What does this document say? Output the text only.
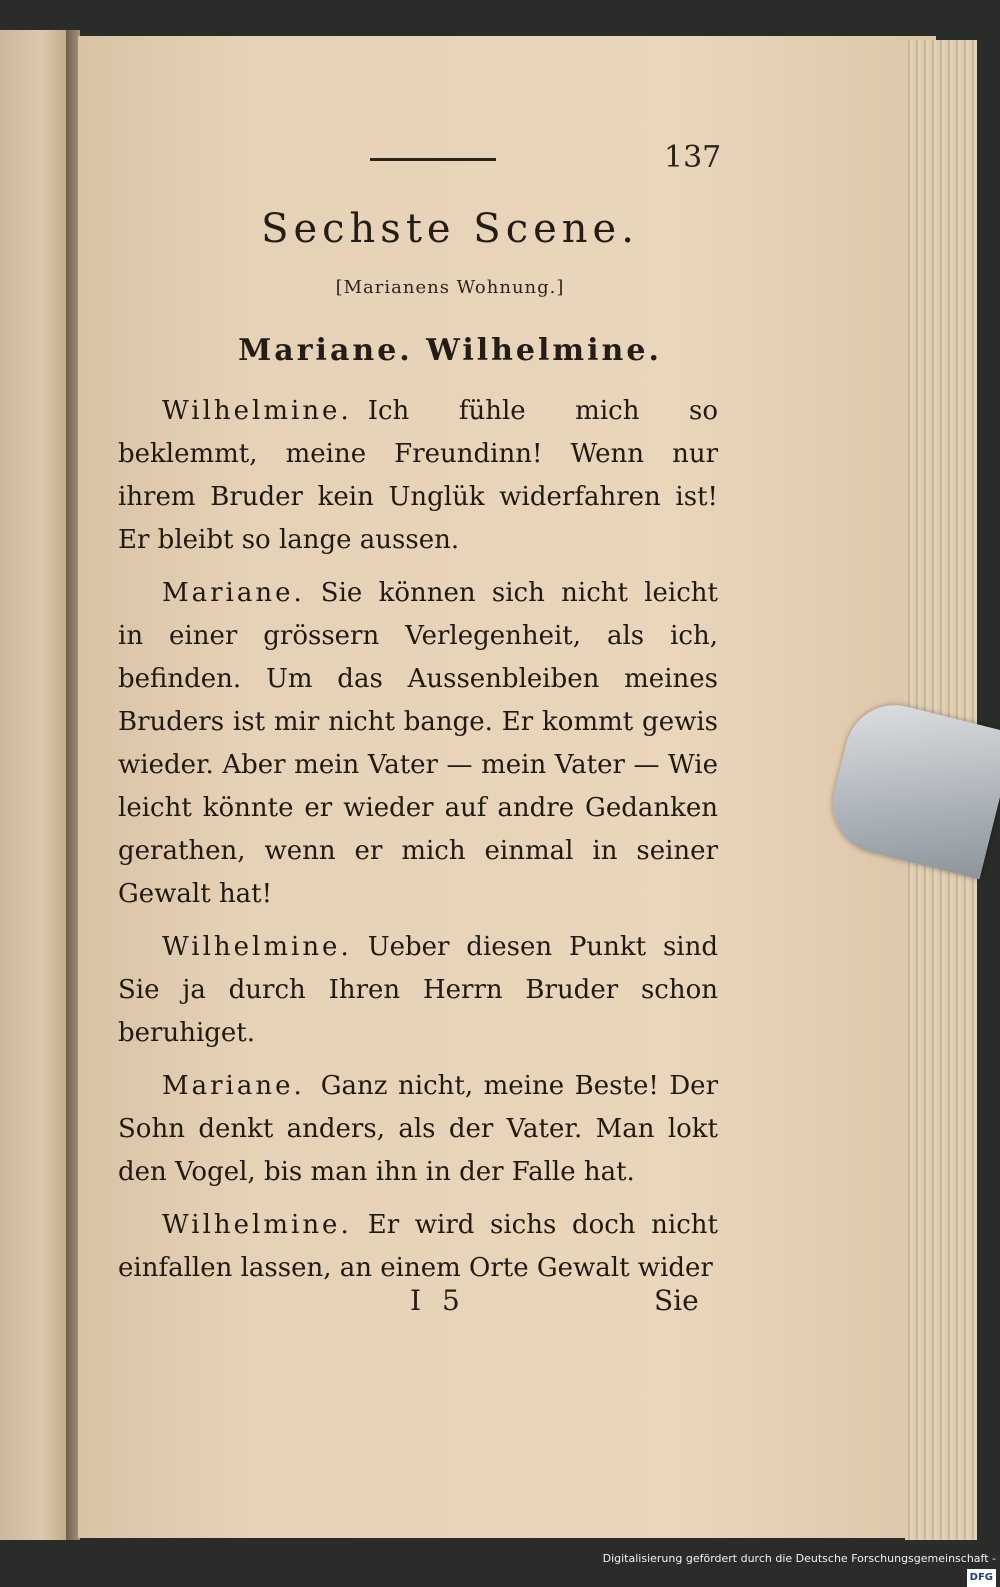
137
Sechste Scene.
[Marianens Wohnung.]
Mariane. Wilhelmine.

Wilhelmine. Ich fühle mich so beklemmt, meine Freundinn! Wenn nur ihrem Bruder kein Unglük widerfahren ist! Er bleibt so lange aussen.

Mariane. Sie können sich nicht leicht in einer grössern Verlegenheit, als ich, befinden. Um das Aussenbleiben meines Bruders ist mir nicht bange. Er kommt gewis wieder. Aber mein Vater — mein Vater — Wie leicht könnte er wieder auf andre Gedanken gerathen, wenn er mich einmal in seiner Gewalt hat!

Wilhelmine. Ueber diesen Punkt sind Sie ja durch Ihren Herrn Bruder schon beruhiget.

Mariane. Ganz nicht, meine Beste! Der Sohn denkt anders, als der Vater. Man lokt den Vogel, bis man ihn in der Falle hat.

Wilhelmine. Er wird sichs doch nicht einfallen lassen, an einem Orte Gewalt wider

I 5	Sie
Digitalisierung gefördert durch die Deutsche Forschungsgemeinschaft -DFG
